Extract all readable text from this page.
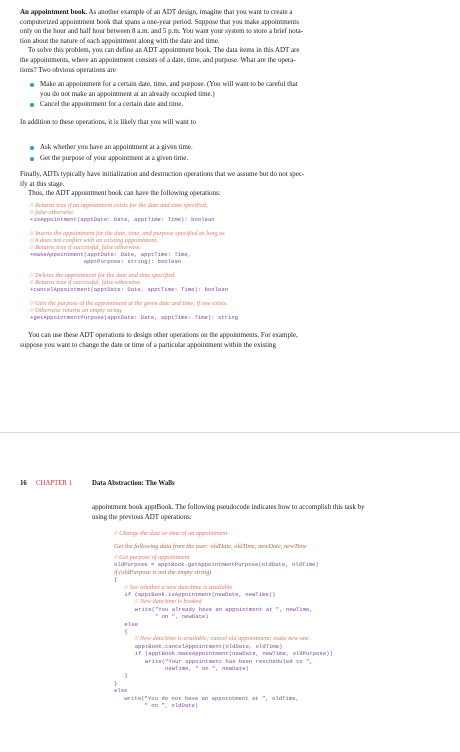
An appointment book. As another example of an ADT design, imagine that you want to create a
computerized appointment book that spans a one-year period. Suppose that you make appointments
only on the hour and half hour between 8 a.m. and 5 p.m. You want your system to store a brief nota-
tion about the nature of each appointment along with the date and time.
To solve this problem, you can define an ADT appointment book. The data items in this ADT are
the appointments, where an appointment consists of a date, time, and purpose. What are the opera-
tions? Two obvious operations are
Make an appointment for a certain date, time, and purpose. (You will want to be careful that
you do not make an appointment at an already occupied time.)
Cancel the appointment for a certain date and time.
In addition to these operations, it is likely that you will want to
Ask whether you have an appointment at a given time.
Get the purpose of your appointment at a given time.
Finally, ADTs typically have initialization and destruction operations that we assume but do not spec-
ify at this stage.
Thus, the ADT appointment book can have the following operations:
// Returns true if an appointment exists for the date and time specified,
// false otherwise.
+isAppointment(apptDate: Date, apptTime: Time): boolean
// Inserts the appointment for the date, time, and purpose specified as long as
// it does not conflict with an existing appointment.
// Returns true if successful, false otherwise.
+makeAppointment(apptDate: Date, apptTime: Time,
apptPurpose: string): boolean
// Deletes the appointment for the date and time specified.
// Returns true if successful, false otherwise.
+cancelAppointment(apptDate: Date, apptTime: Time): boolean
// Gets the purpose of the appointment at the given date and time, if one exists.
// Otherwise returns an empty string.
+getAppointmentPurpose(apptDate: Date, apptTime: Time): string
You can use these ADT operations to design other operations on the appointments. For example,
suppose you want to change the date or time of a particular appointment within the existing
16 CHAPTER 1	Data Abstraction: The Walls
appointment book apptBook. The following pseudocode indicates how to accomplish this task by
using the previous ADT operations:
// Change the date or time of an appointment
Get the following data from the user: oldDate, oldTime, newDate, newTime
// Get purpose of appointment
oldPurpose = apptBook.getAppointmentPurpose(oldDate, oldTime)
if (oldPurpose is not the empty string)
{
// See whether a new date/time is available
if (apptBook.isAppointment(newDate, newTime))
// New date/time is booked
write("You already have an appointment at ", newTime,
" on ", newDate)
else
{
// New date/time is available; cancel old appointment; make new one
apptBook.cancelAppointment(oldDate, oldTime)
if (apptBook.makeAppointment(newDate, newTime, oldPurpose))
write("Your appointment has been rescheduled to ",
newTime, " on ", newDate)
}
}
else
write("You do not have an appointment at ", oldTime,
" on ", oldDate)
